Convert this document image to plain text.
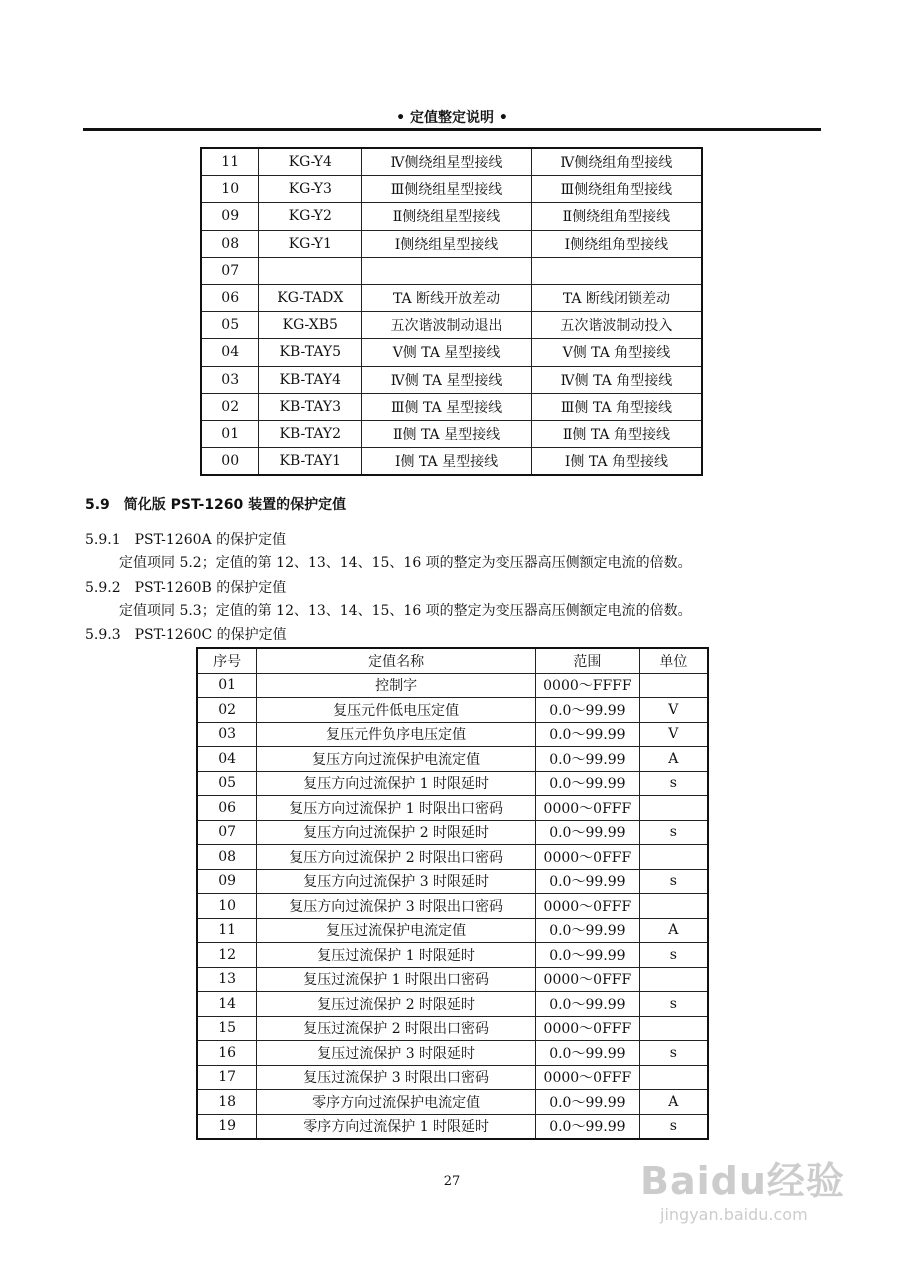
• 定值整定说明 •
11	KG-Y4	Ⅳ侧绕组星型接线	Ⅳ侧绕组角型接线
10	KG-Y3	Ⅲ侧绕组星型接线	Ⅲ侧绕组角型接线
09	KG-Y2	Ⅱ侧绕组星型接线	Ⅱ侧绕组角型接线
08	KG-Y1	Ⅰ侧绕组星型接线	Ⅰ侧绕组角型接线
07			
06	KG-TADX	TA 断线开放差动	TA 断线闭锁差动
05	KG-XB5	五次谐波制动退出	五次谐波制动投入
04	KB-TAY5	Ⅴ侧 TA 星型接线	Ⅴ侧 TA 角型接线
03	KB-TAY4	Ⅳ侧 TA 星型接线	Ⅳ侧 TA 角型接线
02	KB-TAY3	Ⅲ侧 TA 星型接线	Ⅲ侧 TA 角型接线
01	KB-TAY2	Ⅱ侧 TA 星型接线	Ⅱ侧 TA 角型接线
00	KB-TAY1	Ⅰ侧 TA 星型接线	Ⅰ侧 TA 角型接线
5.9　简化版 PST-1260 装置的保护定值
5.9.1　PST-1260A 的保护定值
定值项同 5.2；定值的第 12、13、14、15、16 项的整定为变压器高压侧额定电流的倍数。
5.9.2　PST-1260B 的保护定值
定值项同 5.3；定值的第 12、13、14、15、16 项的整定为变压器高压侧额定电流的倍数。
5.9.3　PST-1260C 的保护定值
序号	定值名称	范围	单位
01	控制字	0000～FFFF	
02	复压元件低电压定值	0.0～99.99	V
03	复压元件负序电压定值	0.0～99.99	V
04	复压方向过流保护电流定值	0.0～99.99	A
05	复压方向过流保护 1 时限延时	0.0～99.99	s
06	复压方向过流保护 1 时限出口密码	0000～0FFF	
07	复压方向过流保护 2 时限延时	0.0～99.99	s
08	复压方向过流保护 2 时限出口密码	0000～0FFF	
09	复压方向过流保护 3 时限延时	0.0～99.99	s
10	复压方向过流保护 3 时限出口密码	0000～0FFF	
11	复压过流保护电流定值	0.0～99.99	A
12	复压过流保护 1 时限延时	0.0～99.99	s
13	复压过流保护 1 时限出口密码	0000～0FFF	
14	复压过流保护 2 时限延时	0.0～99.99	s
15	复压过流保护 2 时限出口密码	0000～0FFF	
16	复压过流保护 3 时限延时	0.0～99.99	s
17	复压过流保护 3 时限出口密码	0000～0FFF	
18	零序方向过流保护电流定值	0.0～99.99	A
19	零序方向过流保护 1 时限延时	0.0～99.99	s
27	Baidu经验
jingyan.baidu.com
